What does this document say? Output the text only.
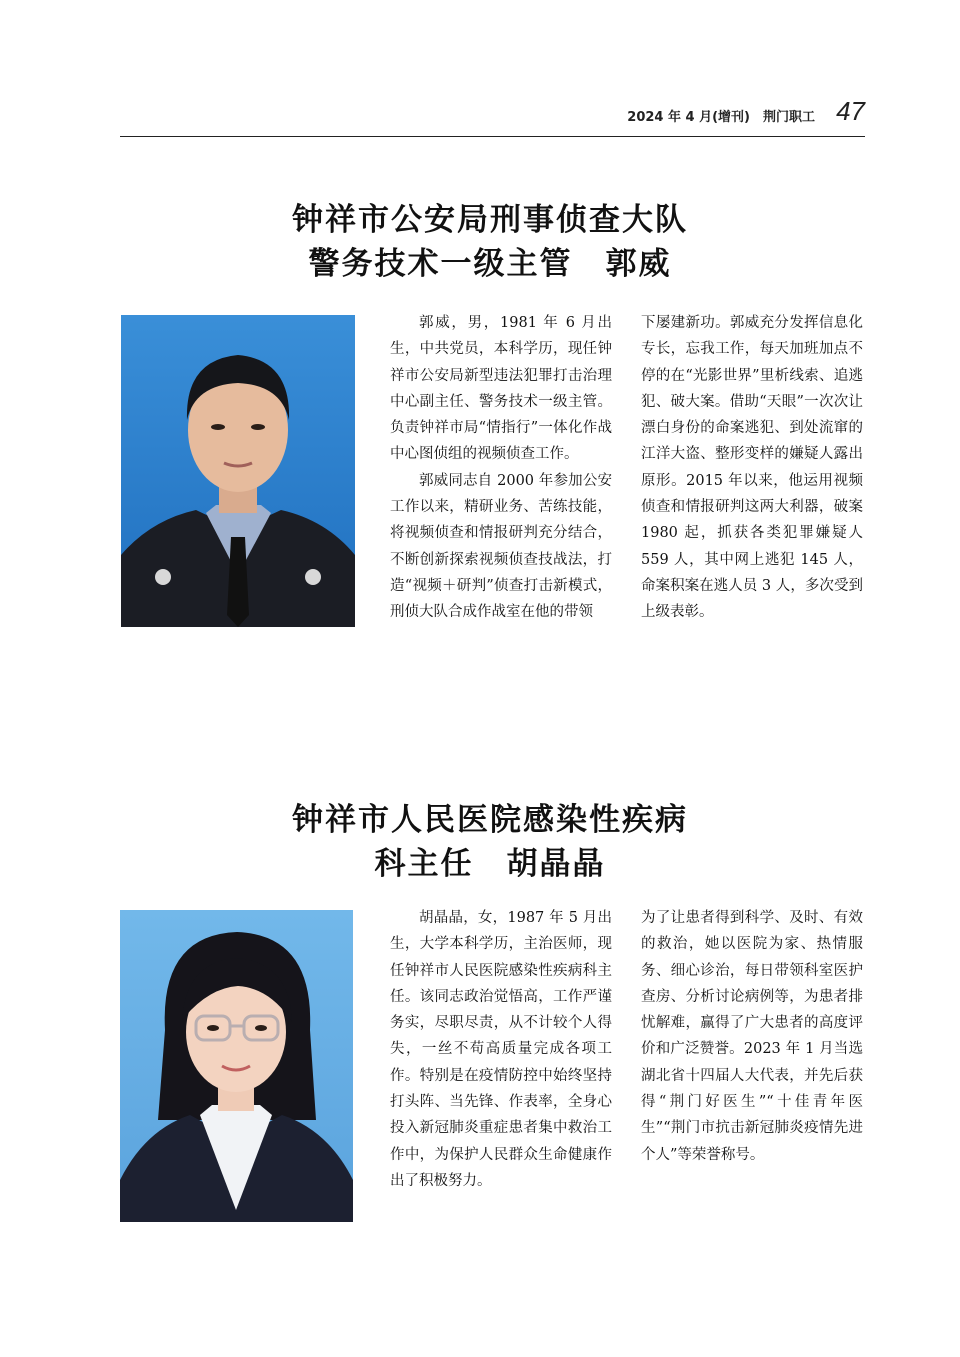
2024 年 4 月(增刊)　荆门职工 47
钟祥市公安局刑事侦查大队
警务技术一级主管　郭威

郭威，男，1981 年 6 月出生，中共党员，本科学历，现任钟祥市公安局新型违法犯罪打击治理中心副主任、警务技术一级主管。负责钟祥市局“情指行”一体化作战中心图侦组的视频侦查工作。

郭威同志自 2000 年参加公安工作以来，精研业务、苦练技能，将视频侦查和情报研判充分结合，不断创新探索视频侦查技战法，打造“视频＋研判”侦查打击新模式，刑侦大队合成作战室在他的带领

下屡建新功。郭威充分发挥信息化专长，忘我工作，每天加班加点不停的在“光影世界”里析线索、追逃犯、破大案。借助“天眼”一次次让漂白身份的命案逃犯、到处流窜的江洋大盗、整形变样的嫌疑人露出原形。2015 年以来，他运用视频侦查和情报研判这两大利器，破案 1980 起，抓获各类犯罪嫌疑人 559 人，其中网上逃犯 145 人，命案积案在逃人员 3 人，多次受到上级表彰。

钟祥市人民医院感染性疾病
科主任　胡晶晶

胡晶晶，女，1987 年 5 月出生，大学本科学历，主治医师，现任钟祥市人民医院感染性疾病科主任。该同志政治觉悟高，工作严谨务实，尽职尽责，从不计较个人得失，一丝不苟高质量完成各项工作。特别是在疫情防控中始终坚持打头阵、当先锋、作表率，全身心投入新冠肺炎重症患者集中救治工作中，为保护人民群众生命健康作出了积极努力。

为了让患者得到科学、及时、有效的救治，她以医院为家、热情服务、细心诊治，每日带领科室医护查房、分析讨论病例等，为患者排忧解难，赢得了广大患者的高度评价和广泛赞誉。2023 年 1 月当选湖北省十四届人大代表，并先后获得“荆门好医生”“十佳青年医生”“荆门市抗击新冠肺炎疫情先进个人”等荣誉称号。
